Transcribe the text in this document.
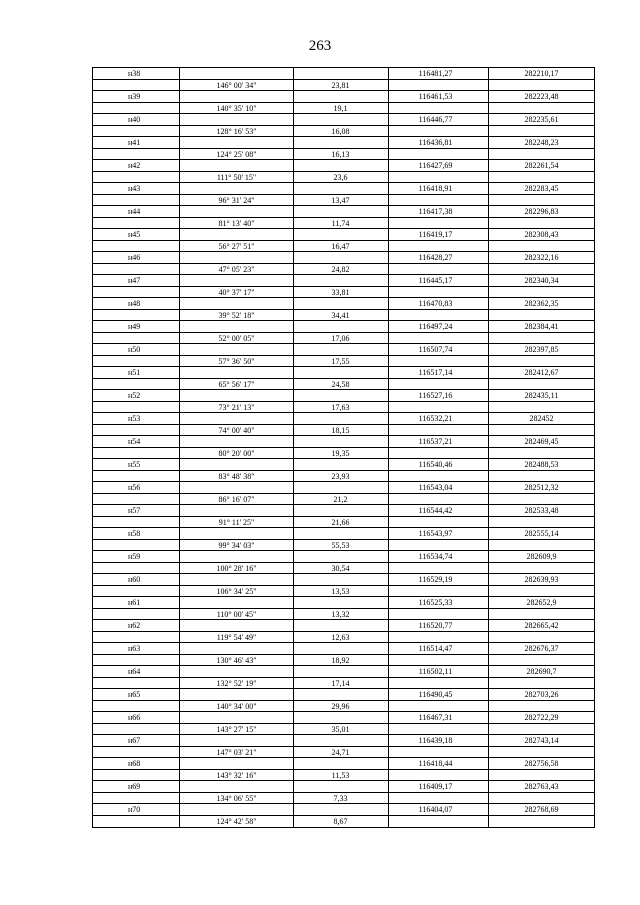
263
н38	116481,27	282210,17
146° 00' 34"	23,81
н39	116461,53	282223,48
140° 35' 10"	19,1
н40	116446,77	282235,61
128° 16' 53"	16,08
н41	116436,81	282248,23
124° 25' 08"	16,13
н42	116427,69	282261,54
111° 50' 15"	23,6
н43	116418,91	282283,45
96° 31' 24"	13,47
н44	116417,38	282296,83
81° 13' 40"	11,74
н45	116419,17	282308,43
56° 27' 51"	16,47
н46	116428,27	282322,16
47° 05' 23"	24,82
н47	116445,17	282340,34
40° 37' 17"	33,81
н48	116470,83	282362,35
39° 52' 18"	34,41
н49	116497,24	282384,41
52° 00' 05"	17,06
н50	116507,74	282397,85
57° 36' 50"	17,55
н51	116517,14	282412,67
65° 56' 17"	24,58
н52	116527,16	282435,11
73° 21' 13"	17,63
н53	116532,21	282452
74° 00' 40"	18,15
н54	116537,21	282469,45
80° 20' 00"	19,35
н55	116540,46	282488,53
83° 48' 38"	23,93
н56	116543,04	282512,32
86° 16' 07"	21,2
н57	116544,42	282533,48
91° 11' 25"	21,66
н58	116543,97	282555,14
99° 34' 03"	55,53
н59	116534,74	282609,9
100° 28' 16"	30,54
н60	116529,19	282639,93
106° 34' 25"	13,53
н61	116525,33	282652,9
110° 00' 45"	13,32
н62	116520,77	282665,42
119° 54' 49"	12,63
н63	116514,47	282676,37
130° 46' 43"	18,92
н64	116502,11	282690,7
132° 52' 19"	17,14
н65	116490,45	282703,26
140° 34' 00"	29,96
н66	116467,31	282722,29
143° 27' 15"	35,01
н67	116439,18	282743,14
147° 03' 21"	24,71
н68	116418,44	282756,58
143° 32' 16"	11,53
н69	116409,17	282763,43
134° 06' 55"	7,33
н70	116404,07	282768,69
124° 42' 58"	8,67
